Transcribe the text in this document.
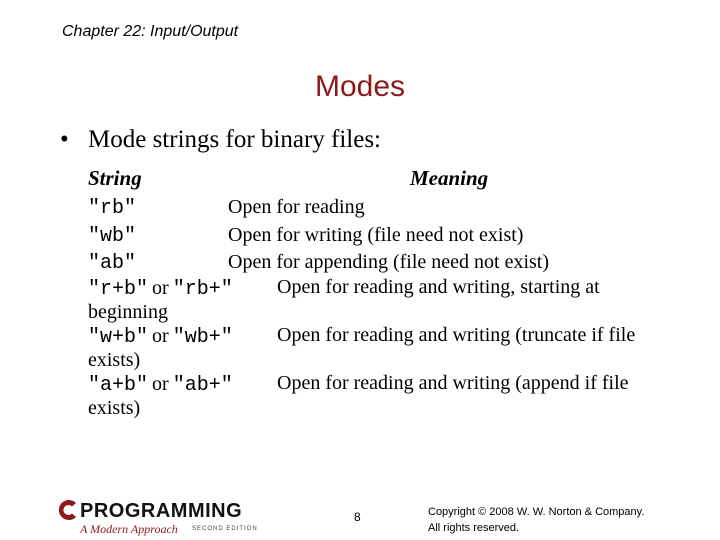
Chapter 22: Input/Output
Modes
• Mode strings for binary files:
String	Meaning
"rb"	Open for reading
"wb"	Open for writing (file need not exist)
"ab"	Open for appending (file need not exist)
"r+b" or "rb+" Open for reading and writing, starting at
beginning
"w+b" or "wb+" Open for reading and writing (truncate if file
exists)
"a+b" or "ab+" Open for reading and writing (append if file
exists)
PROGRAMMING
A Modern Approach SECOND EDITION
8	Copyright © 2008 W. W. Norton & Company.
All rights reserved.
